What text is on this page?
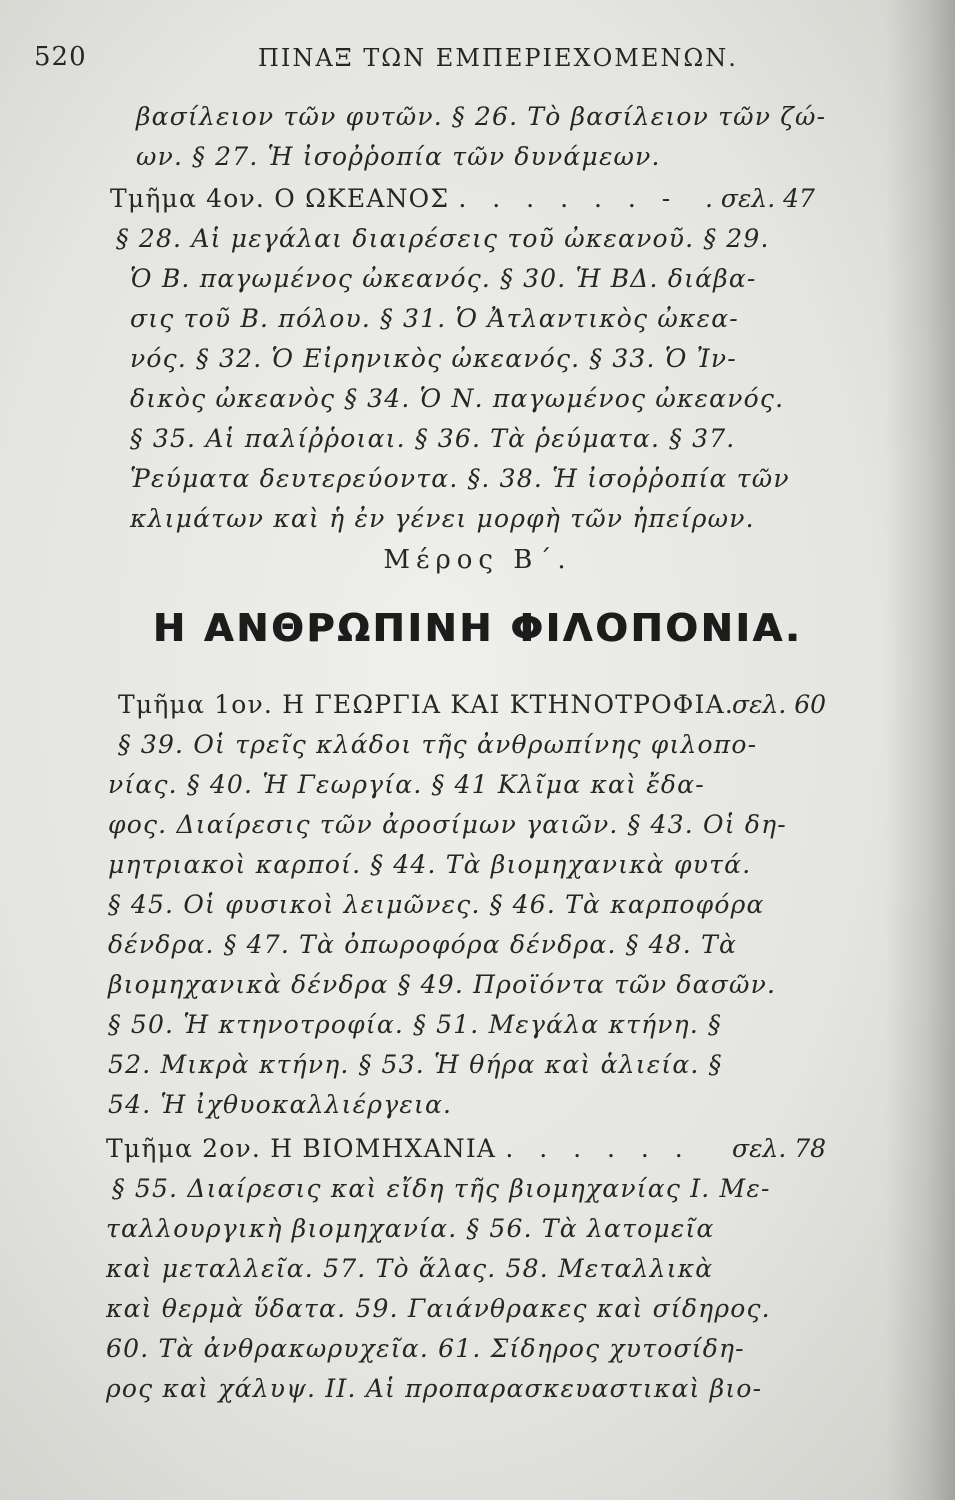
520	ΠΙΝΑΞ ΤΩΝ ΕΜΠΕΡΙΕΧΟΜΕΝΩΝ.
βασίλειον τῶν φυτῶν. § 26. Τὸ βασίλειον τῶν ζώ-
ων. § 27. Ἡ ἰσοῤῥοπία τῶν δυνάμεων.
Τμῆμα 4ον. Ο ΩΚΕΑΝΟΣ . . . . . . - . σελ. 47
§ 28. Αἱ μεγάλαι διαιρέσεις τοῦ ὠκεανοῦ. § 29.
Ὁ Β. παγωμένος ὠκεανός. § 30. Ἡ ΒΔ. διάβα-
σις τοῦ Β. πόλου. § 31. Ὁ Ἀτλαντικὸς ὠκεα-
νός. § 32. Ὁ Εἰρηνικὸς ὠκεανός. § 33. Ὁ Ἰν-
δικὸς ὠκεανὸς § 34. Ὁ Ν. παγωμένος ὠκεανός.
§ 35. Αἱ παλίῤῥοιαι. § 36. Τὰ ῥεύματα. § 37.
Ῥεύματα δευτερεύοντα. §. 38. Ἡ ἰσοῤῥοπία τῶν
κλιμάτων καὶ ἡ ἐν γένει μορφὴ τῶν ἠπείρων.
Μέρος Β΄.
Η ΑΝΘΡΩΠΙΝΗ ΦΙΛΟΠΟΝΙΑ.
Τμῆμα 1ον. Η ΓΕΩΡΓΙΑ ΚΑΙ ΚΤΗΝΟΤΡΟΦΙΑ.
σελ. 60
§ 39. Οἱ τρεῖς κλάδοι τῆς ἀνθρωπίνης φιλοπο-
νίας. § 40. Ἡ Γεωργία. § 41 Κλῖμα καὶ ἔδα-
φος. Διαίρεσις τῶν ἀροσίμων γαιῶν. § 43. Οἱ δη-
μητριακοὶ καρποί. § 44. Τὰ βιομηχανικὰ φυτά.
§ 45. Οἱ φυσικοὶ λειμῶνες. § 46. Τὰ καρποφόρα
δένδρα. § 47. Τὰ ὀπωροφόρα δένδρα. § 48. Τὰ
βιομηχανικὰ δένδρα § 49. Προϊόντα τῶν δασῶν.
§ 50. Ἡ κτηνοτροφία. § 51. Μεγάλα κτήνη. §
52. Μικρὰ κτήνη. § 53. Ἡ θήρα καὶ ἁλιεία. §
54. Ἡ ἰχθυοκαλλιέργεια.
Τμῆμα 2ον. Η ΒΙΟΜΗΧΑΝΙΑ . . . . . . σελ. 78
§ 55. Διαίρεσις καὶ εἴδη τῆς βιομηχανίας Ι. Με-
ταλλουργικὴ βιομηχανία. § 56. Τὰ λατομεῖα
καὶ μεταλλεῖα. 57. Τὸ ἅλας. 58. Μεταλλικὰ
καὶ θερμὰ ὕδατα. 59. Γαιάνθρακες καὶ σίδηρος.
60. Τὰ ἀνθρακωρυχεῖα. 61. Σίδηρος χυτοσίδη-
ρος καὶ χάλυψ. ΙΙ. Αἱ προπαρασκευαστικαὶ βιο-
